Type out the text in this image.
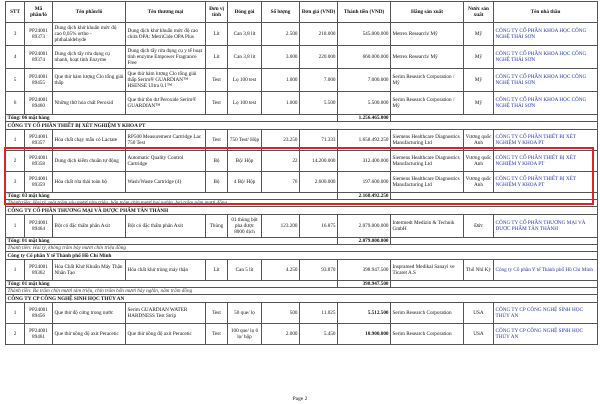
STT	Mã phần/lô	Tên phần/lô	Tên thương mại	Đơn vị tính	Đóng gói	Số lượng	Đơn giá (VND)	Thành tiền (VND)	Hãng sản xuất	Nước sản xuất	Tên nhà thầu
3	PP24001 89373	Dung dịch khử khuẩn mức độ cao 0,05% ortho - phthalaldehyde	Dung dịch khử khuẩn mức độ cao chứa OPA: MetriCide OPA Plus	Lít	Can 3,8 lít	2.500	218.000	545.000.000	Metrex Research/ Mỹ	Mỹ	CÔNG TY CỔ PHẦN KHOA HỌC CÔNG NGHỆ THÁI SƠN
4	PP24001 89374	Dung dịch tẩy rửa dụng cụ nhanh, hoạt tính Enzyme	Dung dịch tẩy rửa dụng cụ y tế hoạt tính enzyme Empower Fragrance Free	Lít	Can 3,8 lít	3.000	220.000	660.000.000	Metrex Research/ Mỹ	Mỹ	CÔNG TY CỔ PHẦN KHOA HỌC CÔNG NGHỆ THÁI SƠN
5	PP24001 89455	Que thử hàm lượng Clo tổng giải thấp	Que thử hàm lượng Clo tổng giải thấp Serim® GUARDIAN™ HSENSE Ultra 0.1™	Test	Lọ 100 test	1.000	7.000	7.000.000	Serim Research Corporation / Mỹ	Mỹ	CÔNG TY CỔ PHẦN KHOA HỌC CÔNG NGHỆ THÁI SƠN
6	PP24001 89460	Những thử hóa chất Peroxid	Que thử tồn dư Peroxide Serim® GUARDIAN™	Test	Lọ 100 test	1.000	5.500	5.500.000	Serim Research Corporation / Mỹ	Mỹ	CÔNG TY CỔ PHẦN KHOA HỌC CÔNG NGHỆ THÁI SƠN
Tổng: 06 mặt hàng								1.256.465.000			
CÔNG TY CỔ PHẦN THIẾT BỊ XÉT NGHIỆM Y KHOA PT											
1	PP24001 89357	Hóa chất chạy mẫu có Lactate	RP500 Measurement Cartridge Lac 750 Test	Test	750 Test/ Hộp	23.250	71.333	1.658.492.250	Siemens Healthcare Diagnostics Manufacturing Ltd	Vương quốc Anh	CÔNG TY CỔ PHẦN THIẾT BỊ XÉT NGHIỆM Y KHOA PT
2	PP24001 89358	Dung dịch kiểm chuẩn tự động	Automatic Quality Control Cartridge	Bộ	Bộ/ Hộp	22	14.200.000	312.400.000	Siemens Healthcare Diagnostics Manufacturing Ltd	Vương quốc Anh	CÔNG TY CỔ PHẦN THIẾT BỊ XÉT NGHIỆM Y KHOA PT
3	PP24001 89359	Hóa chất rửa thải toàn bộ	Wash/Waste Cartridge (4)	Bộ	4 Bộ/ Hộp	76	2.600.000	197.600.000	Siemens Healthcare Diagnostics Manufacturing Ltd	Vương quốc Anh	CÔNG TY CỔ PHẦN THIẾT BỊ XÉT NGHIỆM Y KHOA PT
Tổng: 03 mặt hàng								2.168.492.250			
Thành tiền: Hai tỷ, một trăm sáu mươi tám triệu, bốn trăm chín mươi hai nghìn, hai trăm năm mươi đồng											
CÔNG TY CỔ PHẦN THƯƠNG MẠI VÀ DƯỢC PHẨM TÂN THÀNH											
1	PP24001 89464	Bột có đặc thấm phân Axit	Bột có đặc thấm phân Axit	Thùng	01 thùng bột pha được 8000 dịch	123.200	16.875	2.079.000.000	Intermedt Medizin & Technik GmbH	Đức	CÔNG TY CỔ PHẦN THƯƠNG MẠI VÀ DƯỢC PHẨM TÂN THÀNH
Tổng: 01 mặt hàng								2.079.000.000			
Thành tiền: Hai tỷ, không trăm bảy mươi chín triệu đồng											
Công ty Cổ phần Y tế Thành phố Hồ Chí Minh											
1	PP24001 89362	Hóa Chất Khử Khuẩn Máy Thận Nhân Tạo	Hóa chất khử trùng máy thận	Lít	Can 5 lít	4.250	93.870	398.947.500	Inspramed Medikal Sanayi ve Ticaret A.S	Thổ Nhĩ Kỳ	Công ty Cổ phần Y tế Thành phố Hồ Chí Minh
Tổng: 01 mặt hàng								398.947.500			
Thành tiền: Ba trăm chín mươi tám triệu, chín trăm bốn mươi bảy nghìn, năm trăm đồng											
CÔNG TY CP CÔNG NGHỆ SINH HỌC THỦY AN											
1	PP24001 89456	Que thử độ cứng trong nước	Serim GUARDIAN WATER HARDNESS Test Strip	Test	50 que/ lọ	500	11.025	5.512.500	Serim Research Corporation	USA	CÔNG TY CP CÔNG NGHỆ SINH HỌC THỦY AN
2	PP24001 89461	Que thử nồng độ axit Peracetic	Que thử nồng độ axit Peracetic	Test	100 que/ lọ 6 lọ/ hộp	2.000	5.450	10.900.000	Serim Research Corporation	USA	CÔNG TY CP CÔNG NGHỆ SINH HỌC THỦY AN
Page 2
